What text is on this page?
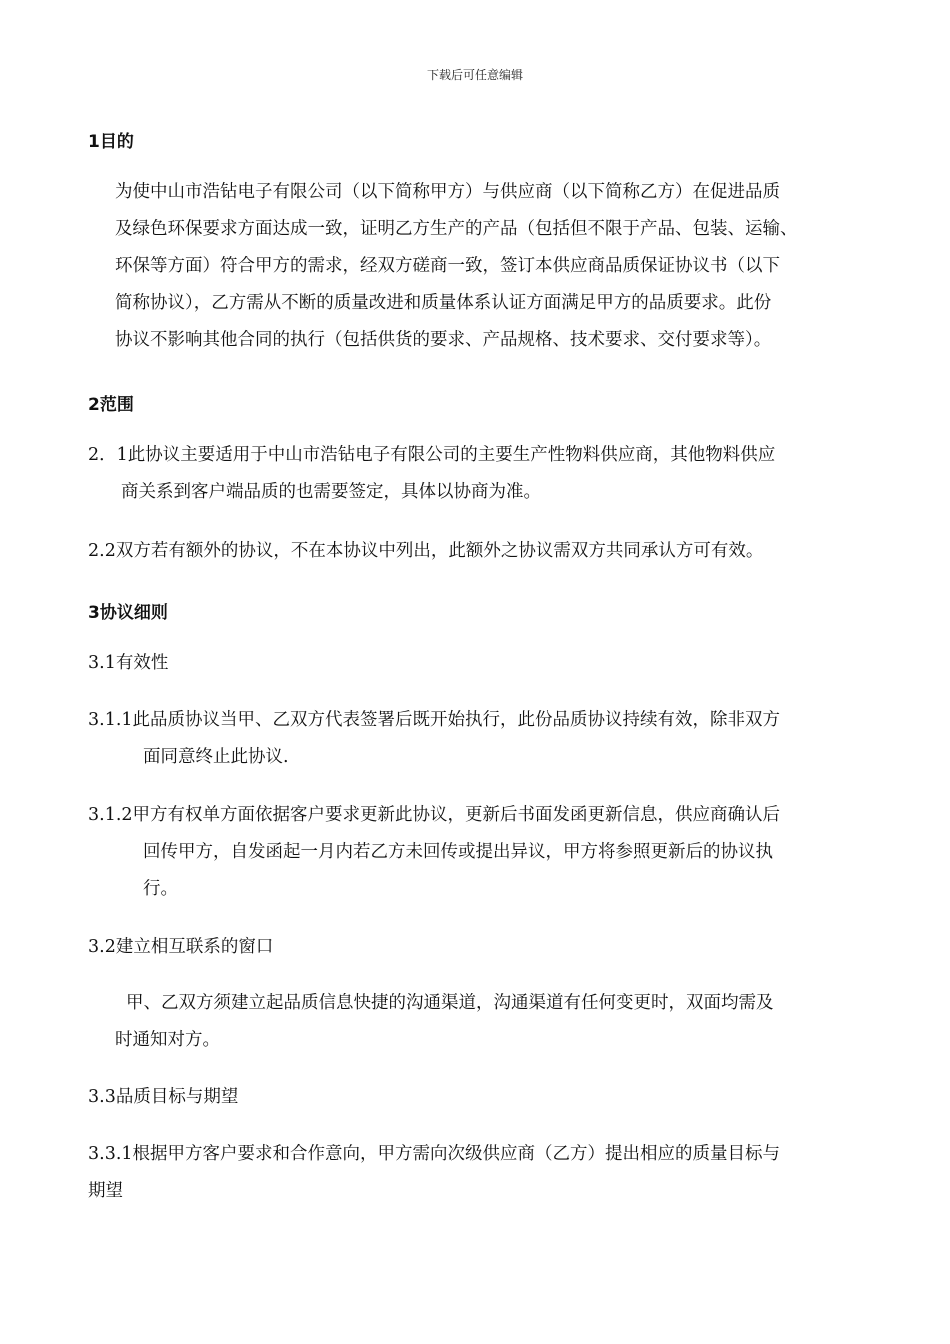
下载后可任意编辑
1目的
为使中山市浩钻电子有限公司（以下简称甲方）与供应商（以下简称乙方）在促进品质
及绿色环保要求方面达成一致，证明乙方生产的产品（包括但不限于产品、包装、运输、
环保等方面）符合甲方的需求，经双方磋商一致，签订本供应商品质保证协议书（以下
简称协议），乙方需从不断的质量改进和质量体系认证方面满足甲方的品质要求。此份
协议不影响其他合同的执行（包括供货的要求、产品规格、技术要求、交付要求等）。
2范围
2．1此协议主要适用于中山市浩钻电子有限公司的主要生产性物料供应商，其他物料供应
商关系到客户端品质的也需要签定，具体以协商为准。
2.2双方若有额外的协议，不在本协议中列出，此额外之协议需双方共同承认方可有效。
3协议细则
3.1有效性
3.1.1此品质协议当甲、乙双方代表签署后既开始执行，此份品质协议持续有效，除非双方
面同意终止此协议.
3.1.2甲方有权单方面依据客户要求更新此协议，更新后书面发函更新信息，供应商确认后
回传甲方，自发函起一月内若乙方未回传或提出异议，甲方将参照更新后的协议执
行。
3.2建立相互联系的窗口
甲、乙双方须建立起品质信息快捷的沟通渠道，沟通渠道有任何变更时，双面均需及
时通知对方。
3.3品质目标与期望
3.3.1根据甲方客户要求和合作意向，甲方需向次级供应商（乙方）提出相应的质量目标与
期望
